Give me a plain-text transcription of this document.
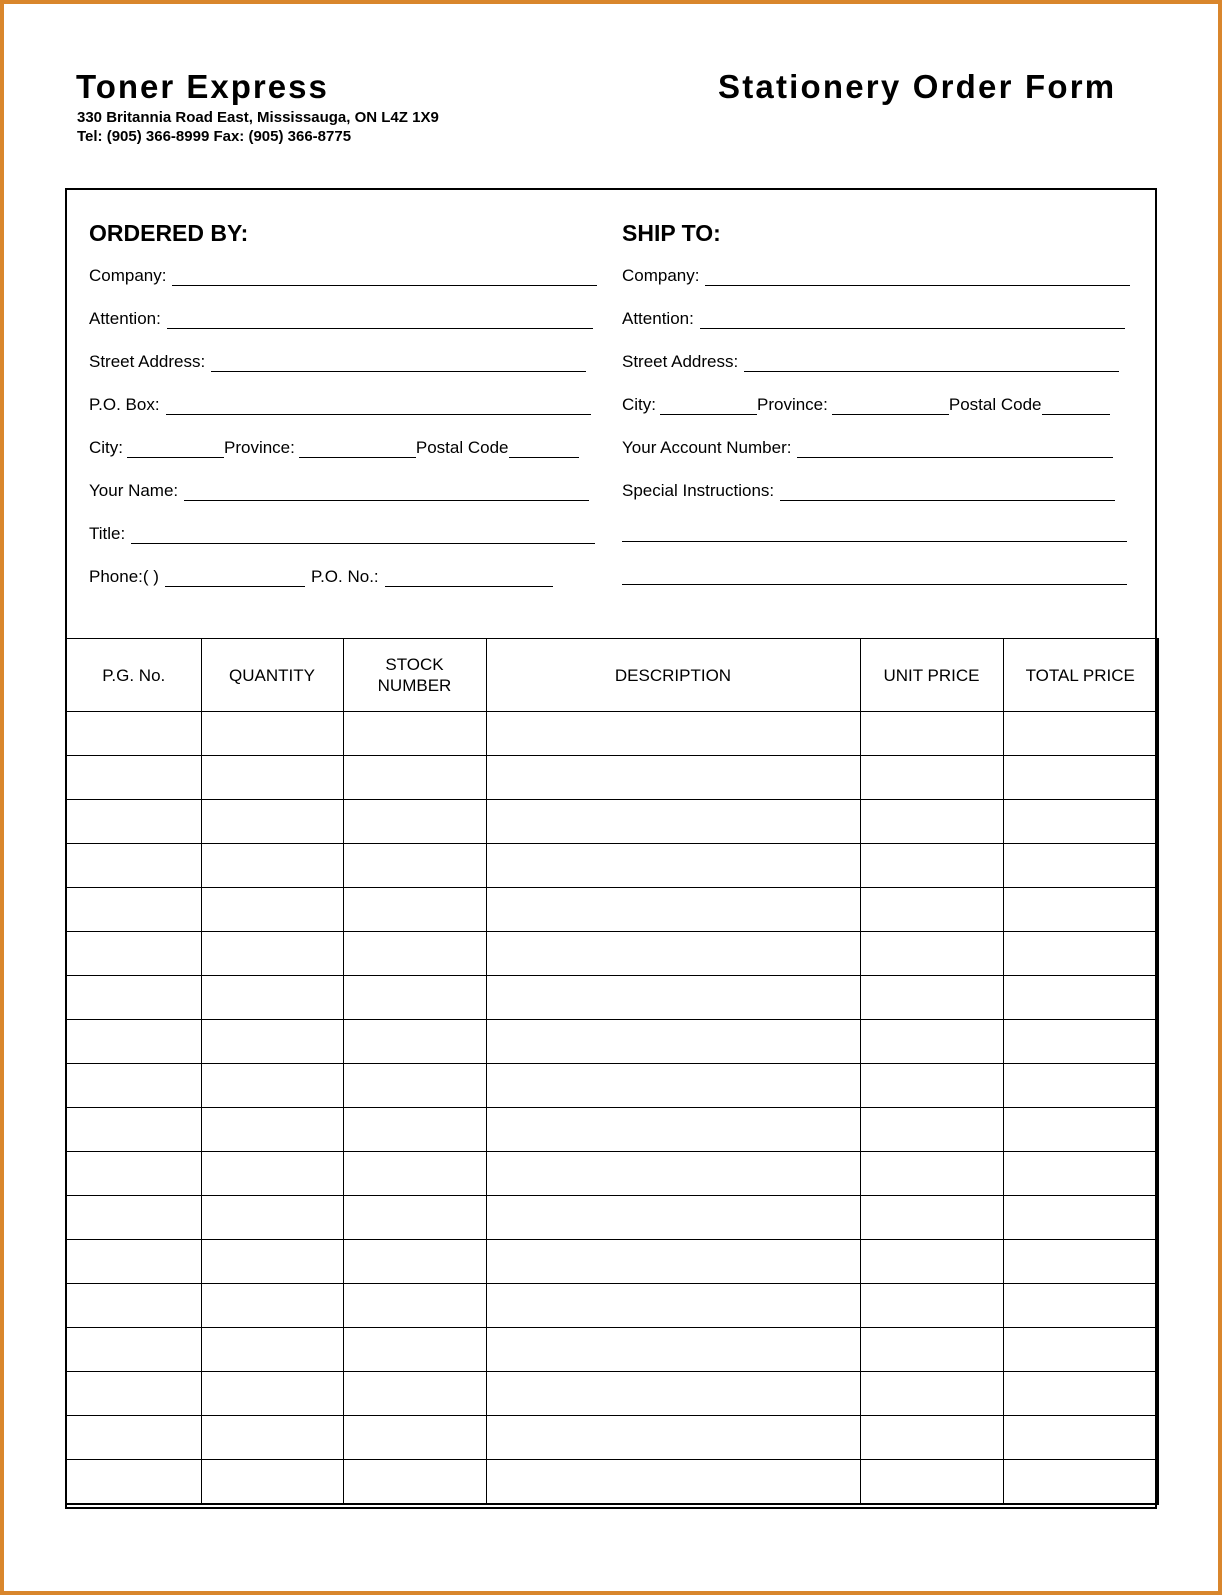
Toner Express
330 Britannia Road East, Mississauga, ON L4Z 1X9
Tel: (905) 366-8999 Fax: (905) 366-8775
Stationery Order Form
ORDERED BY:
Company:
Attention:
Street Address:
P.O. Box:
City:	Province:	Postal Code
Your Name:
Title:
Phone:( )	P.O. No.:
SHIP TO:
Company:
Attention:
Street Address:
City:	Province:	Postal Code
Your Account Number:
Special Instructions:
P.G. No.	QUANTITY	STOCK NUMBER	DESCRIPTION	UNIT PRICE	TOTAL PRICE
